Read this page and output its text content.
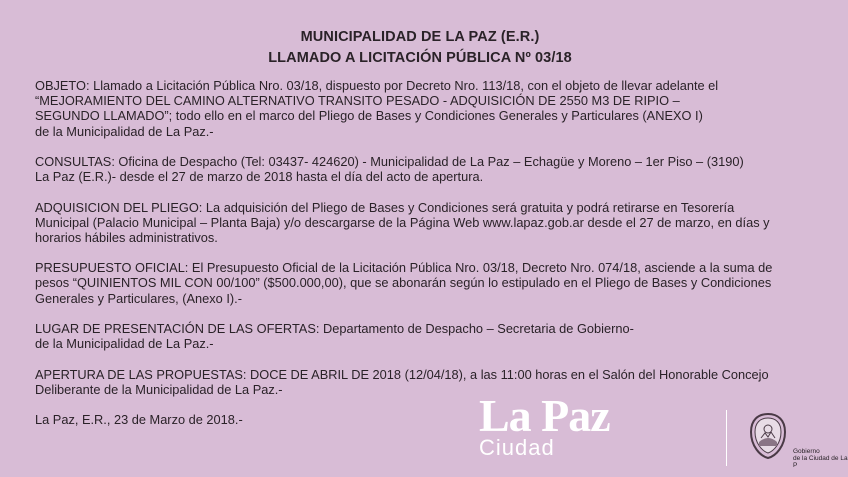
MUNICIPALIDAD DE LA PAZ (E.R.)
LLAMADO A LICITACIÓN PÚBLICA Nº 03/18
OBJETO: Llamado a Licitación Pública Nro. 03/18, dispuesto por Decreto Nro. 113/18, con el objeto de llevar adelante el
“MEJORAMIENTO DEL CAMINO ALTERNATIVO TRANSITO PESADO - ADQUISICIÓN DE 2550 M3 DE RIPIO –
SEGUNDO LLAMADO”; todo ello en el marco del Pliego de Bases y Condiciones Generales y Particulares (ANEXO I)
de la Municipalidad de La Paz.-
CONSULTAS: Oficina de Despacho (Tel: 03437- 424620) - Municipalidad de La Paz – Echagüe y Moreno – 1er Piso – (3190)
La Paz (E.R.)- desde el 27 de marzo de 2018 hasta el día del acto de apertura.
ADQUISICION DEL PLIEGO: La adquisición del Pliego de Bases y Condiciones será gratuita y podrá retirarse en Tesorería
Municipal (Palacio Municipal – Planta Baja) y/o descargarse de la Página Web www.lapaz.gob.ar desde el 27 de marzo, en días y
horarios hábiles administrativos.
PRESUPUESTO OFICIAL: El Presupuesto Oficial de la Licitación Pública Nro. 03/18, Decreto Nro. 074/18, asciende a la suma de
pesos “QUINIENTOS MIL CON 00/100” ($500.000,00), que se abonarán según lo estipulado en el Pliego de Bases y Condiciones
Generales y Particulares, (Anexo I).-
LUGAR DE PRESENTACIÓN DE LAS OFERTAS: Departamento de Despacho – Secretaria de Gobierno-
de la Municipalidad de La Paz.-
APERTURA DE LAS PROPUESTAS: DOCE DE ABRIL DE 2018 (12/04/18), a las 11:00 horas en el Salón del Honorable Concejo
Deliberante de la Municipalidad de La Paz.-
La Paz, E.R., 23 de Marzo de 2018.-	La Paz
Ciudad	Gobierno
de la Ciudad de La P
